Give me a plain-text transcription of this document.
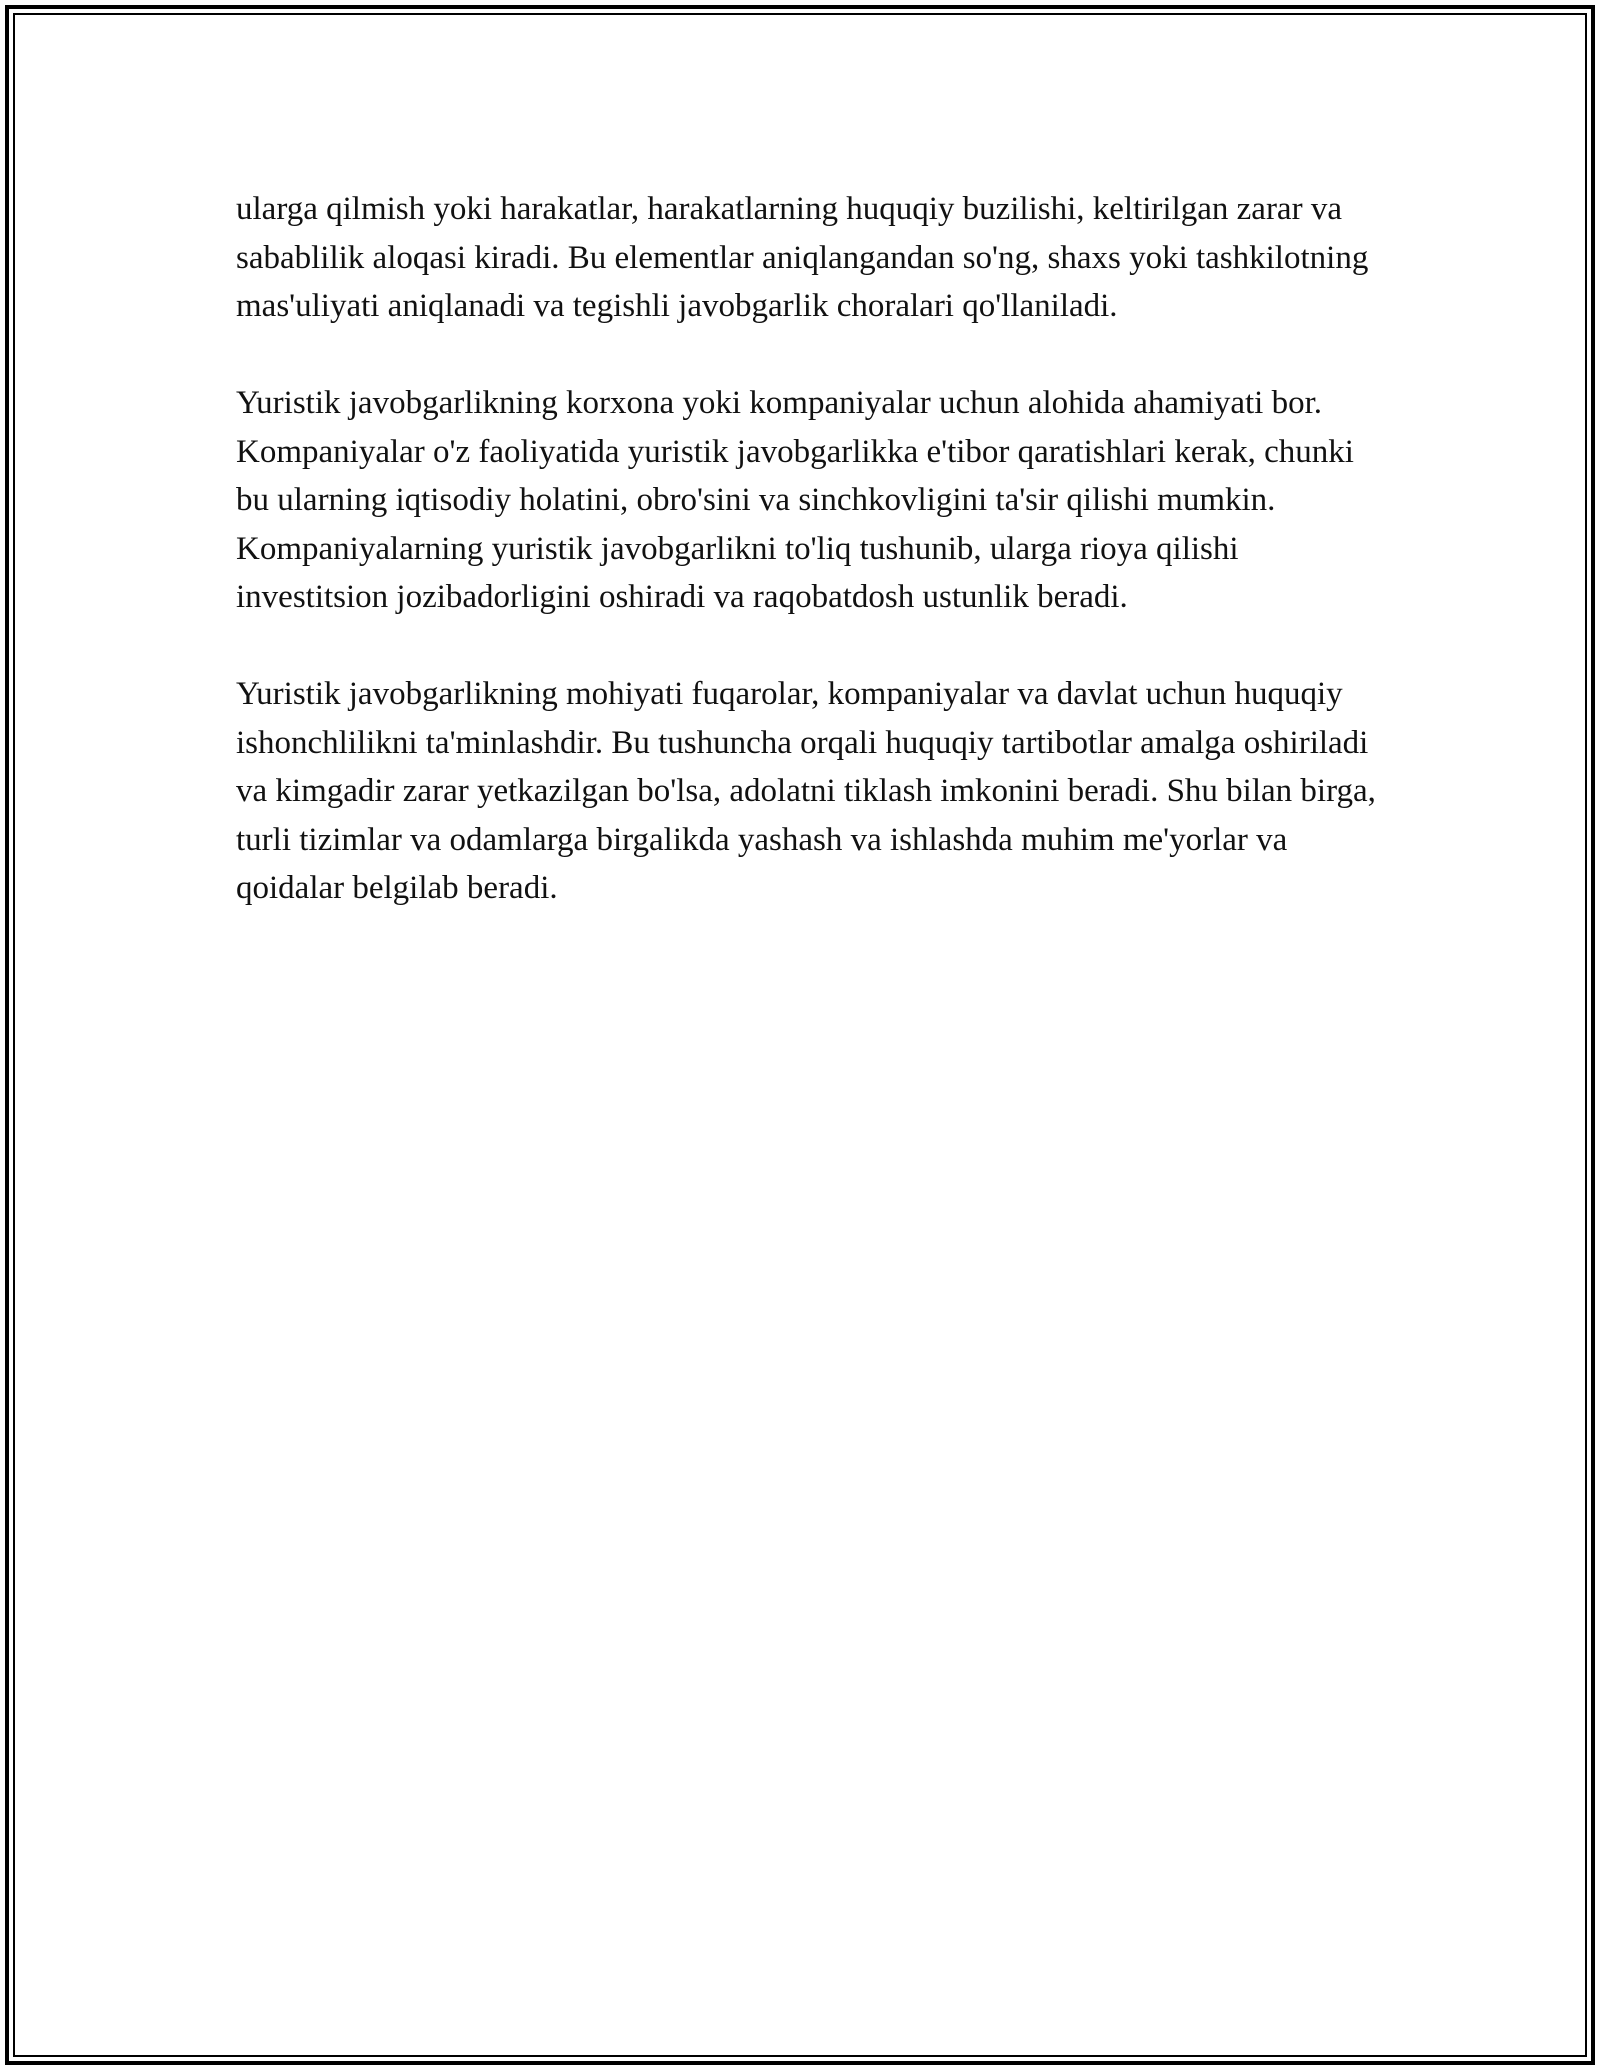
ularga qilmish yoki harakatlar, harakatlarning huquqiy buzilishi, keltirilgan zarar va sabablilik aloqasi kiradi. Bu elementlar aniqlangandan so'ng, shaxs yoki tashkilotning mas'uliyati aniqlanadi va tegishli javobgarlik choralari qo'llaniladi.

Yuristik javobgarlikning korxona yoki kompaniyalar uchun alohida ahamiyati bor. Kompaniyalar o'z faoliyatida yuristik javobgarlikka e'tibor qaratishlari kerak, chunki bu ularning iqtisodiy holatini, obro'sini va sinchkovligini ta'sir qilishi mumkin. Kompaniyalarning yuristik javobgarlikni to'liq tushunib, ularga rioya qilishi investitsion jozibadorligini oshiradi va raqobatdosh ustunlik beradi.

Yuristik javobgarlikning mohiyati fuqarolar, kompaniyalar va davlat uchun huquqiy ishonchlilikni ta'minlashdir. Bu tushuncha orqali huquqiy tartibotlar amalga oshiriladi va kimgadir zarar yetkazilgan bo'lsa, adolatni tiklash imkonini beradi. Shu bilan birga, turli tizimlar va odamlarga birgalikda yashash va ishlashda muhim me'yorlar va qoidalar belgilab beradi.
